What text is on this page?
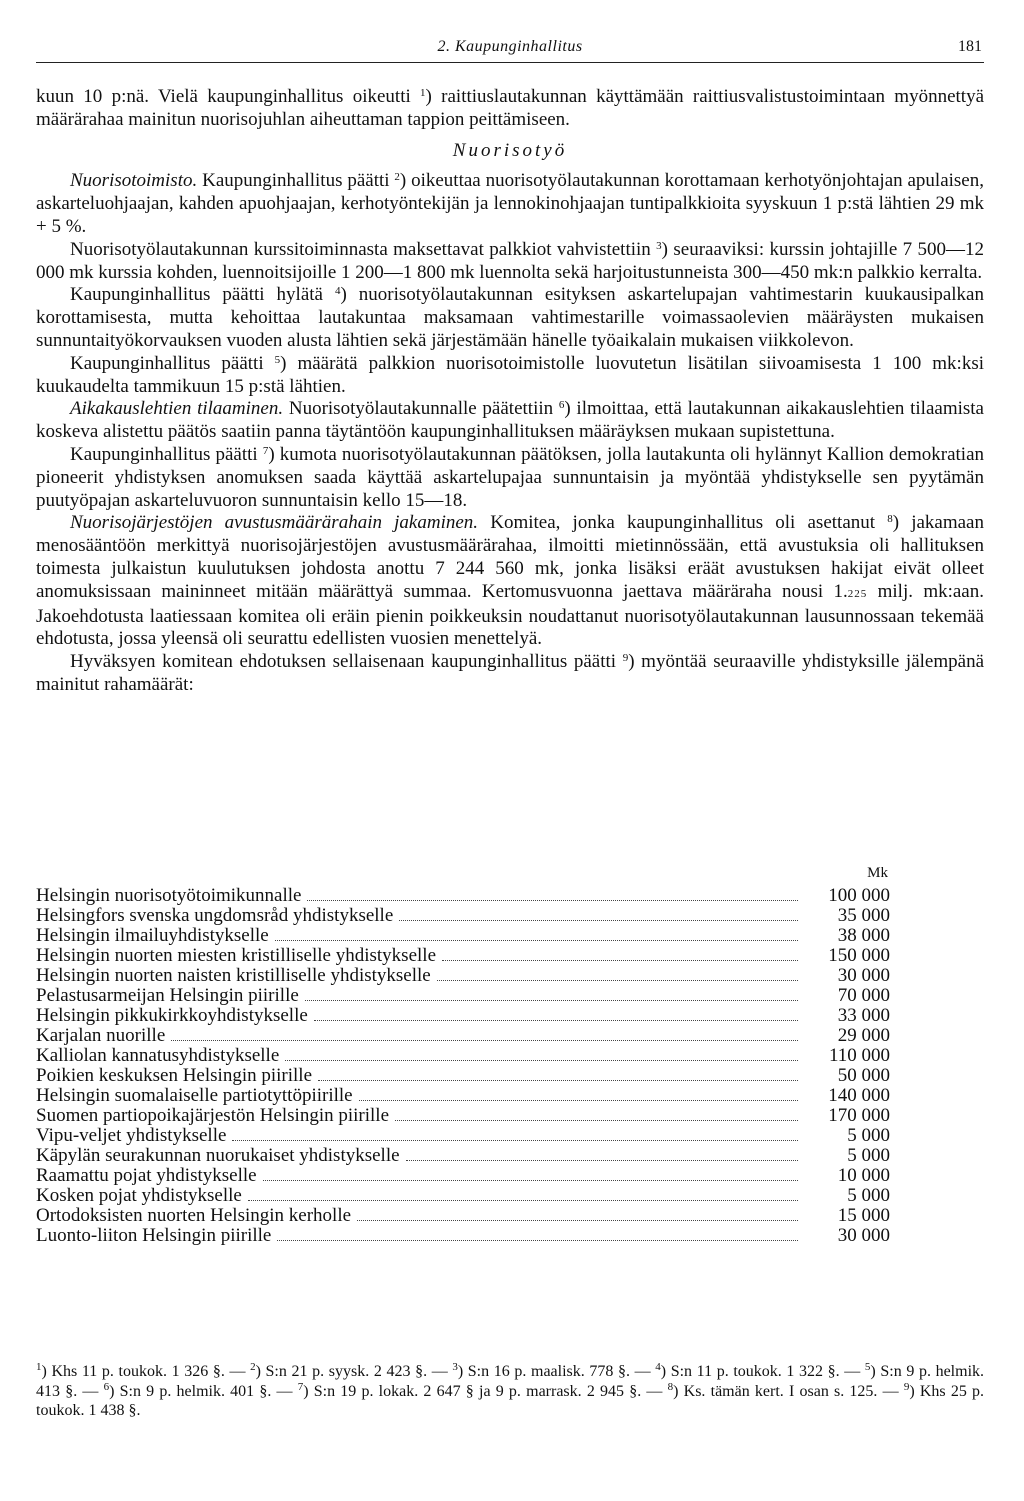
2. Kaupunginhallitus	181

kuun 10 p:nä. Vielä kaupunginhallitus oikeutti $^1$) raittiuslautakunnan käyttämään raittiusvalistustoimintaan myönnettyä määrärahaa mainitun nuorisojuhlan aiheuttaman tappion peittämiseen.

Nuorisotyö

Nuorisotoimisto. Kaupunginhallitus päätti $^2$) oikeuttaa nuorisotyölautakunnan korottamaan kerhotyönjohtajan apulaisen, askarteluohjaajan, kahden apuohjaajan, kerhotyöntekijän ja lennokinohjaajan tuntipalkkioita syyskuun 1 p:stä lähtien 29 mk + 5 %.

Nuorisotyölautakunnan kurssitoiminnasta maksettavat palkkiot vahvistettiin $^3$) seuraaviksi: kurssin johtajille 7 500—12 000 mk kurssia kohden, luennoitsijoille 1 200—1 800 mk luennolta sekä harjoitustunneista 300—450 mk:n palkkio kerralta.

Kaupunginhallitus päätti hylätä $^4$) nuorisotyölautakunnan esityksen askartelupajan vahtimestarin kuukausipalkan korottamisesta, mutta kehoittaa lautakuntaa maksamaan vahtimestarille voimassaolevien määräysten mukaisen sunnuntaityökorvauksen vuoden alusta lähtien sekä järjestämään hänelle työaikalain mukaisen viikkolevon.

Kaupunginhallitus päätti $^5$) määrätä palkkion nuorisotoimistolle luovutetun lisätilan siivoamisesta 1 100 mk:ksi kuukaudelta tammikuun 15 p:stä lähtien.

Aikakauslehtien tilaaminen. Nuorisotyölautakunnalle päätettiin $^6$) ilmoittaa, että lautakunnan aikakauslehtien tilaamista koskeva alistettu päätös saatiin panna täytäntöön kaupunginhallituksen määräyksen mukaan supistettuna.

Kaupunginhallitus päätti $^7$) kumota nuorisotyölautakunnan päätöksen, jolla lautakunta oli hylännyt Kallion demokratian pioneerit yhdistyksen anomuksen saada käyttää askartelupajaa sunnuntaisin ja myöntää yhdistykselle sen pyytämän puutyöpajan askarteluvuoron sunnuntaisin kello 15—18.

Nuorisojärjestöjen avustusmäärärahain jakaminen. Komitea, jonka kaupunginhallitus oli asettanut $^8$) jakamaan menosääntöön merkittyä nuorisojärjestöjen avustusmäärärahaa, ilmoitti mietinnössään, että avustuksia oli hallituksen toimesta julkaistun kuulutuksen johdosta anottu 7 244 560 mk, jonka lisäksi eräät avustuksen hakijat eivät olleet anomuksissaan maininneet mitään määrättyä summaa. Kertomusvuonna jaettava määräraha nousi 1.225 milj. mk:aan. Jakoehdotusta laatiessaan komitea oli eräin pienin poikkeuksin noudattanut nuorisotyölautakunnan lausunnossaan tekemää ehdotusta, jossa yleensä oli seurattu edellisten vuosien menettelyä.

Hyväksyen komitean ehdotuksen sellaisenaan kaupunginhallitus päätti $^9$) myöntää seuraaville yhdistyksille jälempänä mainitut rahamäärät:

Mk
Helsingin nuorisotyötoimikunnalle	100 000
Helsingfors svenska ungdomsråd yhdistykselle	35 000
Helsingin ilmailuyhdistykselle	38 000
Helsingin nuorten miesten kristilliselle yhdistykselle	150 000
Helsingin nuorten naisten kristilliselle yhdistykselle	30 000
Pelastusarmeijan Helsingin piirille	70 000
Helsingin pikkukirkkoyhdistykselle	33 000
Karjalan nuorille	29 000
Kalliolan kannatusyhdistykselle	110 000
Poikien keskuksen Helsingin piirille	50 000
Helsingin suomalaiselle partiotyttöpiirille	140 000
Suomen partiopoikajärjestön Helsingin piirille	170 000
Vipu-veljet yhdistykselle	5 000
Käpylän seurakunnan nuorukaiset yhdistykselle	5 000
Raamattu pojat yhdistykselle	10 000
Kosken pojat yhdistykselle	5 000
Ortodoksisten nuorten Helsingin kerholle	15 000
Luonto-liiton Helsingin piirille	30 000

$^1$) Khs 11 p. toukok. 1 326 §. — $^2$) S:n 21 p. syysk. 2 423 §. — $^3$) S:n 16 p. maalisk. 778 §. — $^4$) S:n 11 p. toukok. 1 322 §. — $^5$) S:n 9 p. helmik. 413 §. — $^6$) S:n 9 p. helmik. 401 §. — $^7$) S:n 19 p. lokak. 2 647 § ja 9 p. marrask. 2 945 §. — $^8$) Ks. tämän kert. I osan s. 125. — $^9$) Khs 25 p. toukok. 1 438 §.
